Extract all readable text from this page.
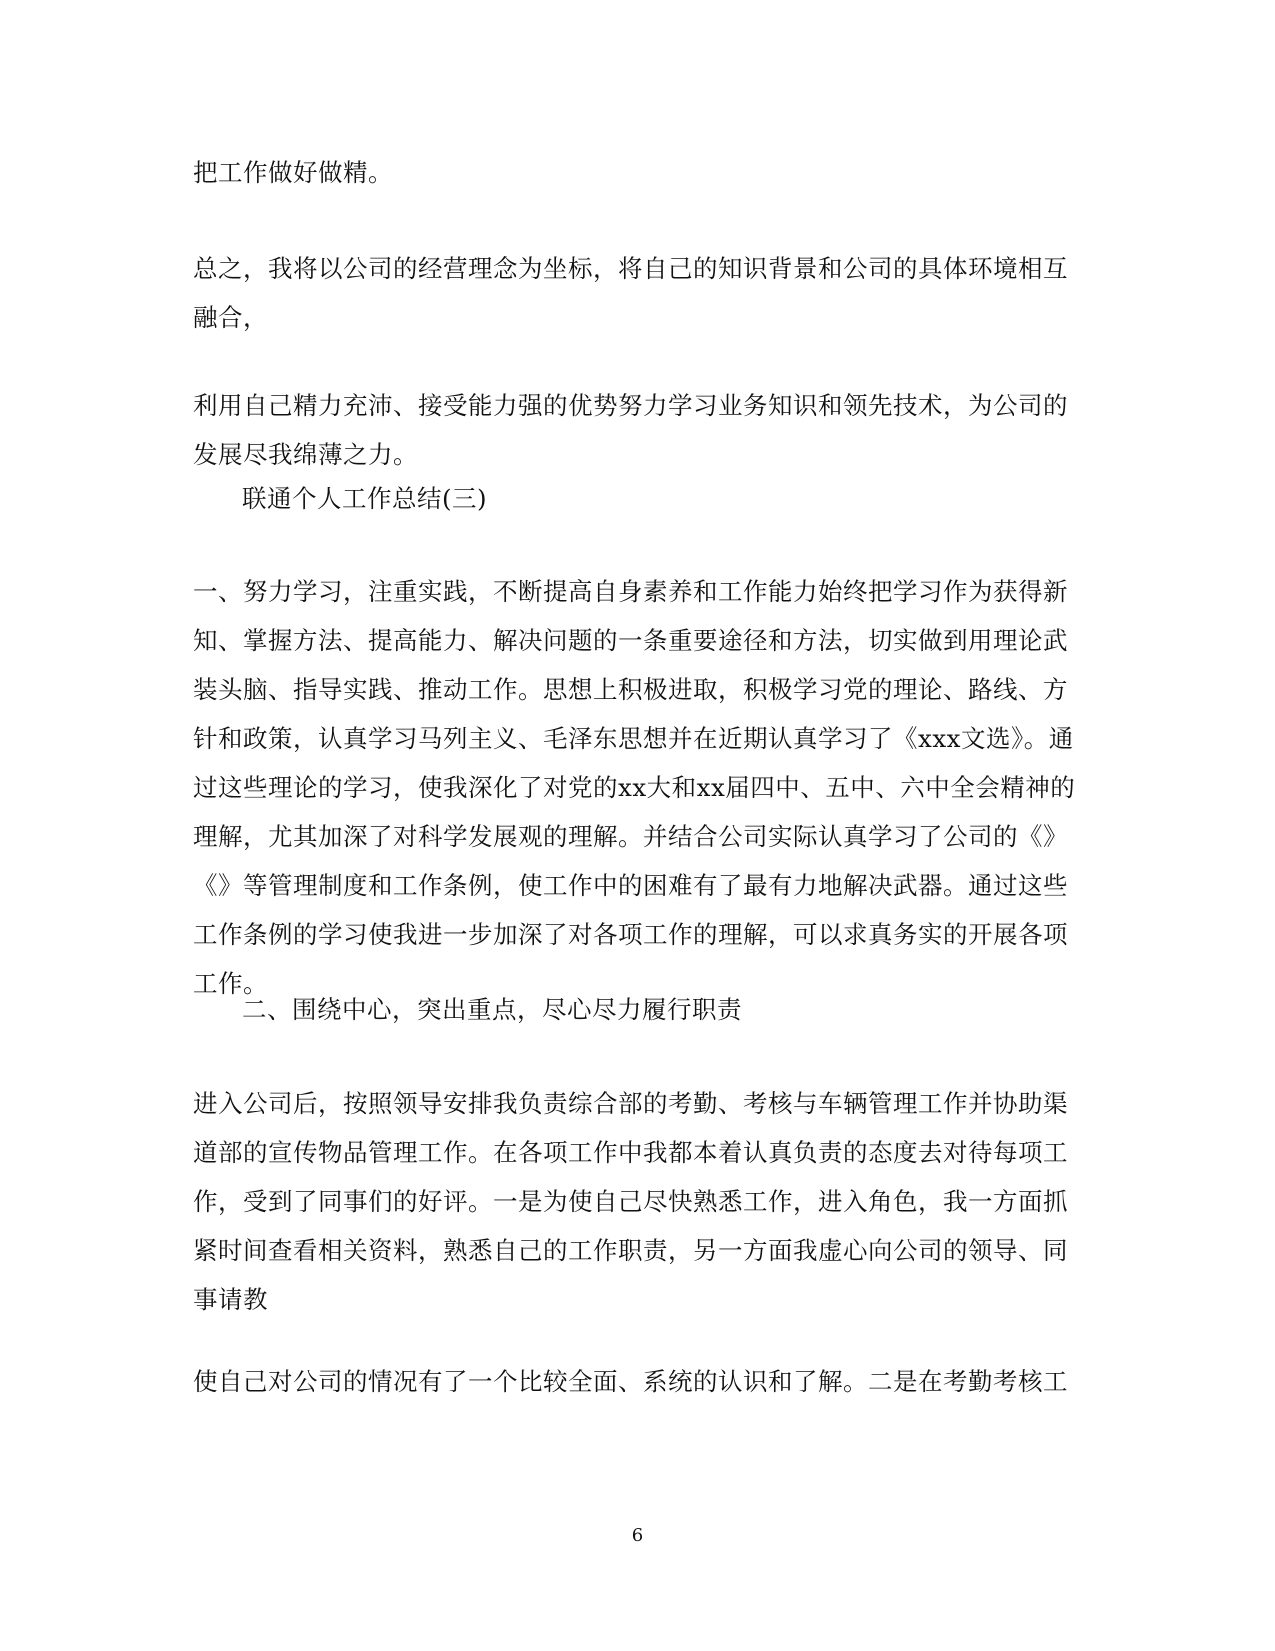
把工作做好做精。

总之，我将以公司的经营理念为坐标，将自己的知识背景和公司的具体环境相互
融合，

利用自己精力充沛、接受能力强的优势努力学习业务知识和领先技术，为公司的
发展尽我绵薄之力。

联通个人工作总结(三)

一、努力学习，注重实践，不断提高自身素养和工作能力始终把学习作为获得新
知、掌握方法、提高能力、解决问题的一条重要途径和方法，切实做到用理论武
装头脑、指导实践、推动工作。思想上积极进取，积极学习党的理论、路线、方
针和政策，认真学习马列主义、毛泽东思想并在近期认真学习了《xxx文选》。通
过这些理论的学习，使我深化了对党的xx大和xx届四中、五中、六中全会精神的
理解，尤其加深了对科学发展观的理解。并结合公司实际认真学习了公司的《》
《》等管理制度和工作条例，使工作中的困难有了最有力地解决武器。通过这些
工作条例的学习使我进一步加深了对各项工作的理解，可以求真务实的开展各项
工作。

二、围绕中心，突出重点，尽心尽力履行职责

进入公司后，按照领导安排我负责综合部的考勤、考核与车辆管理工作并协助渠
道部的宣传物品管理工作。在各项工作中我都本着认真负责的态度去对待每项工
作，受到了同事们的好评。一是为使自己尽快熟悉工作，进入角色，我一方面抓
紧时间查看相关资料，熟悉自己的工作职责，另一方面我虚心向公司的领导、同
事请教

使自己对公司的情况有了一个比较全面、系统的认识和了解。二是在考勤考核工

6
